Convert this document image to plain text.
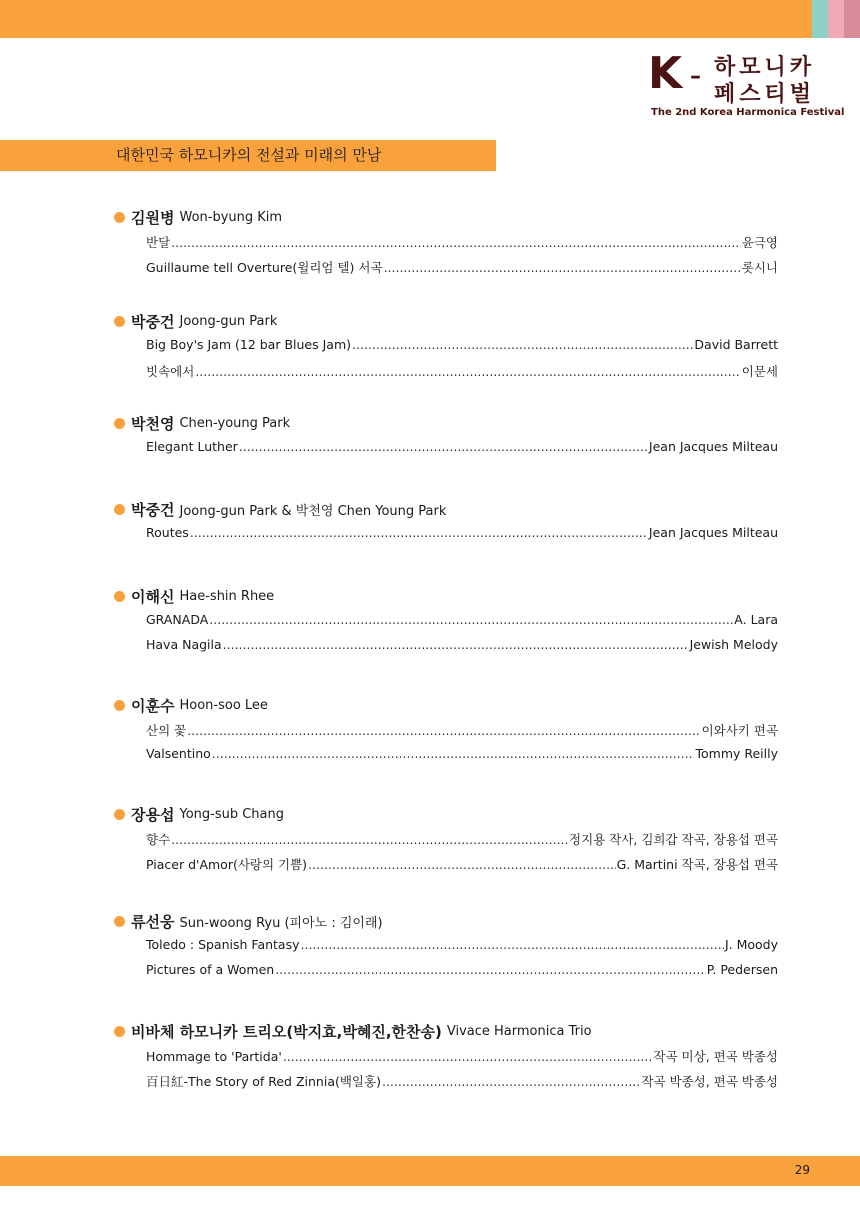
K – 하모니카
페스티벌
The 2nd Korea Harmonica Festival
대한민국 하모니카의 전설과 미래의 만남
김원병 Won-byung Kim
반달 .....	윤극영
Guillaume tell Overture(윌리엄 텔) 서곡 .....	롯시니
박중건 Joong-gun Park
Big Boy's Jam (12 bar Blues Jam) .....	David Barrett
빗속에서 .....	이문세
박천영 Chen-young Park
Elegant Luther .....	Jean Jacques Milteau
박중건 Joong-gun Park & 박천영 Chen Young Park
Routes .....	Jean Jacques Milteau
이해신 Hae-shin Rhee
GRANADA .....	A. Lara
Hava Nagila .....	Jewish Melody
이훈수 Hoon-soo Lee
산의 꽃 .....	이와사키 편곡
Valsentino .....	Tommy Reilly
장용섭 Yong-sub Chang
향수 .....	정지용 작사, 김희갑 작곡, 장용섭 편곡
Piacer d'Amor(사랑의 기쁨) .....	G. Martini 작곡, 장용섭 편곡
류선웅 Sun-woong Ryu (피아노 : 김이래)
Toledo : Spanish Fantasy .....	J. Moody
Pictures of a Women .....	P. Pedersen
비바체 하모니카 트리오(박지효,박혜진,한찬송) Vivace Harmonica Trio
Hommage to 'Partida' .....	작곡 미상, 편곡 박종성
百日紅-The Story of Red Zinnia(백일홍) .....	작곡 박종성, 편곡 박종성
29
